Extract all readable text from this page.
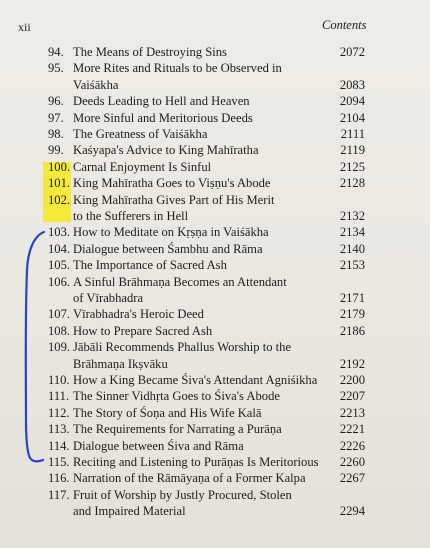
xii	Contents
94. The Means of Destroying Sins	2072
95. More Rites and Rituals to be Observed in
Vaiśākha	2083
96. Deeds Leading to Hell and Heaven	2094
97. More Sinful and Meritorious Deeds	2104
98. The Greatness of Vaiśākha	2111
99. Kaśyapa's Advice to King Mahīratha	2119
100. Carnal Enjoyment Is Sinful	2125
101. King Mahīratha Goes to Viṣṇu's Abode	2128
102. King Mahīratha Gives Part of His Merit
to the Sufferers in Hell	2132
103. How to Meditate on Kṛṣṇa in Vaiśākha	2134
104. Dialogue between Śambhu and Rāma	2140
105. The Importance of Sacred Ash	2153
106. A Sinful Brāhmaṇa Becomes an Attendant
of Vīrabhadra	2171
107. Vīrabhadra's Heroic Deed	2179
108. How to Prepare Sacred Ash	2186
109. Jābāli Recommends Phallus Worship to the
Brāhmaṇa Ikṣvāku	2192
110. How a King Became Śiva's Attendant Agniśikha	2200
111. The Sinner Vidhṛta Goes to Śiva's Abode	2207
112. The Story of Śoṇa and His Wife Kalā	2213
113. The Requirements for Narrating a Purāṇa	2221
114. Dialogue between Śiva and Rāma	2226
115. Reciting and Listening to Purāṇas Is Meritorious	2260
116. Narration of the Rāmāyaṇa of a Former Kalpa	2267
117. Fruit of Worship by Justly Procured, Stolen
and Impaired Material	2294
